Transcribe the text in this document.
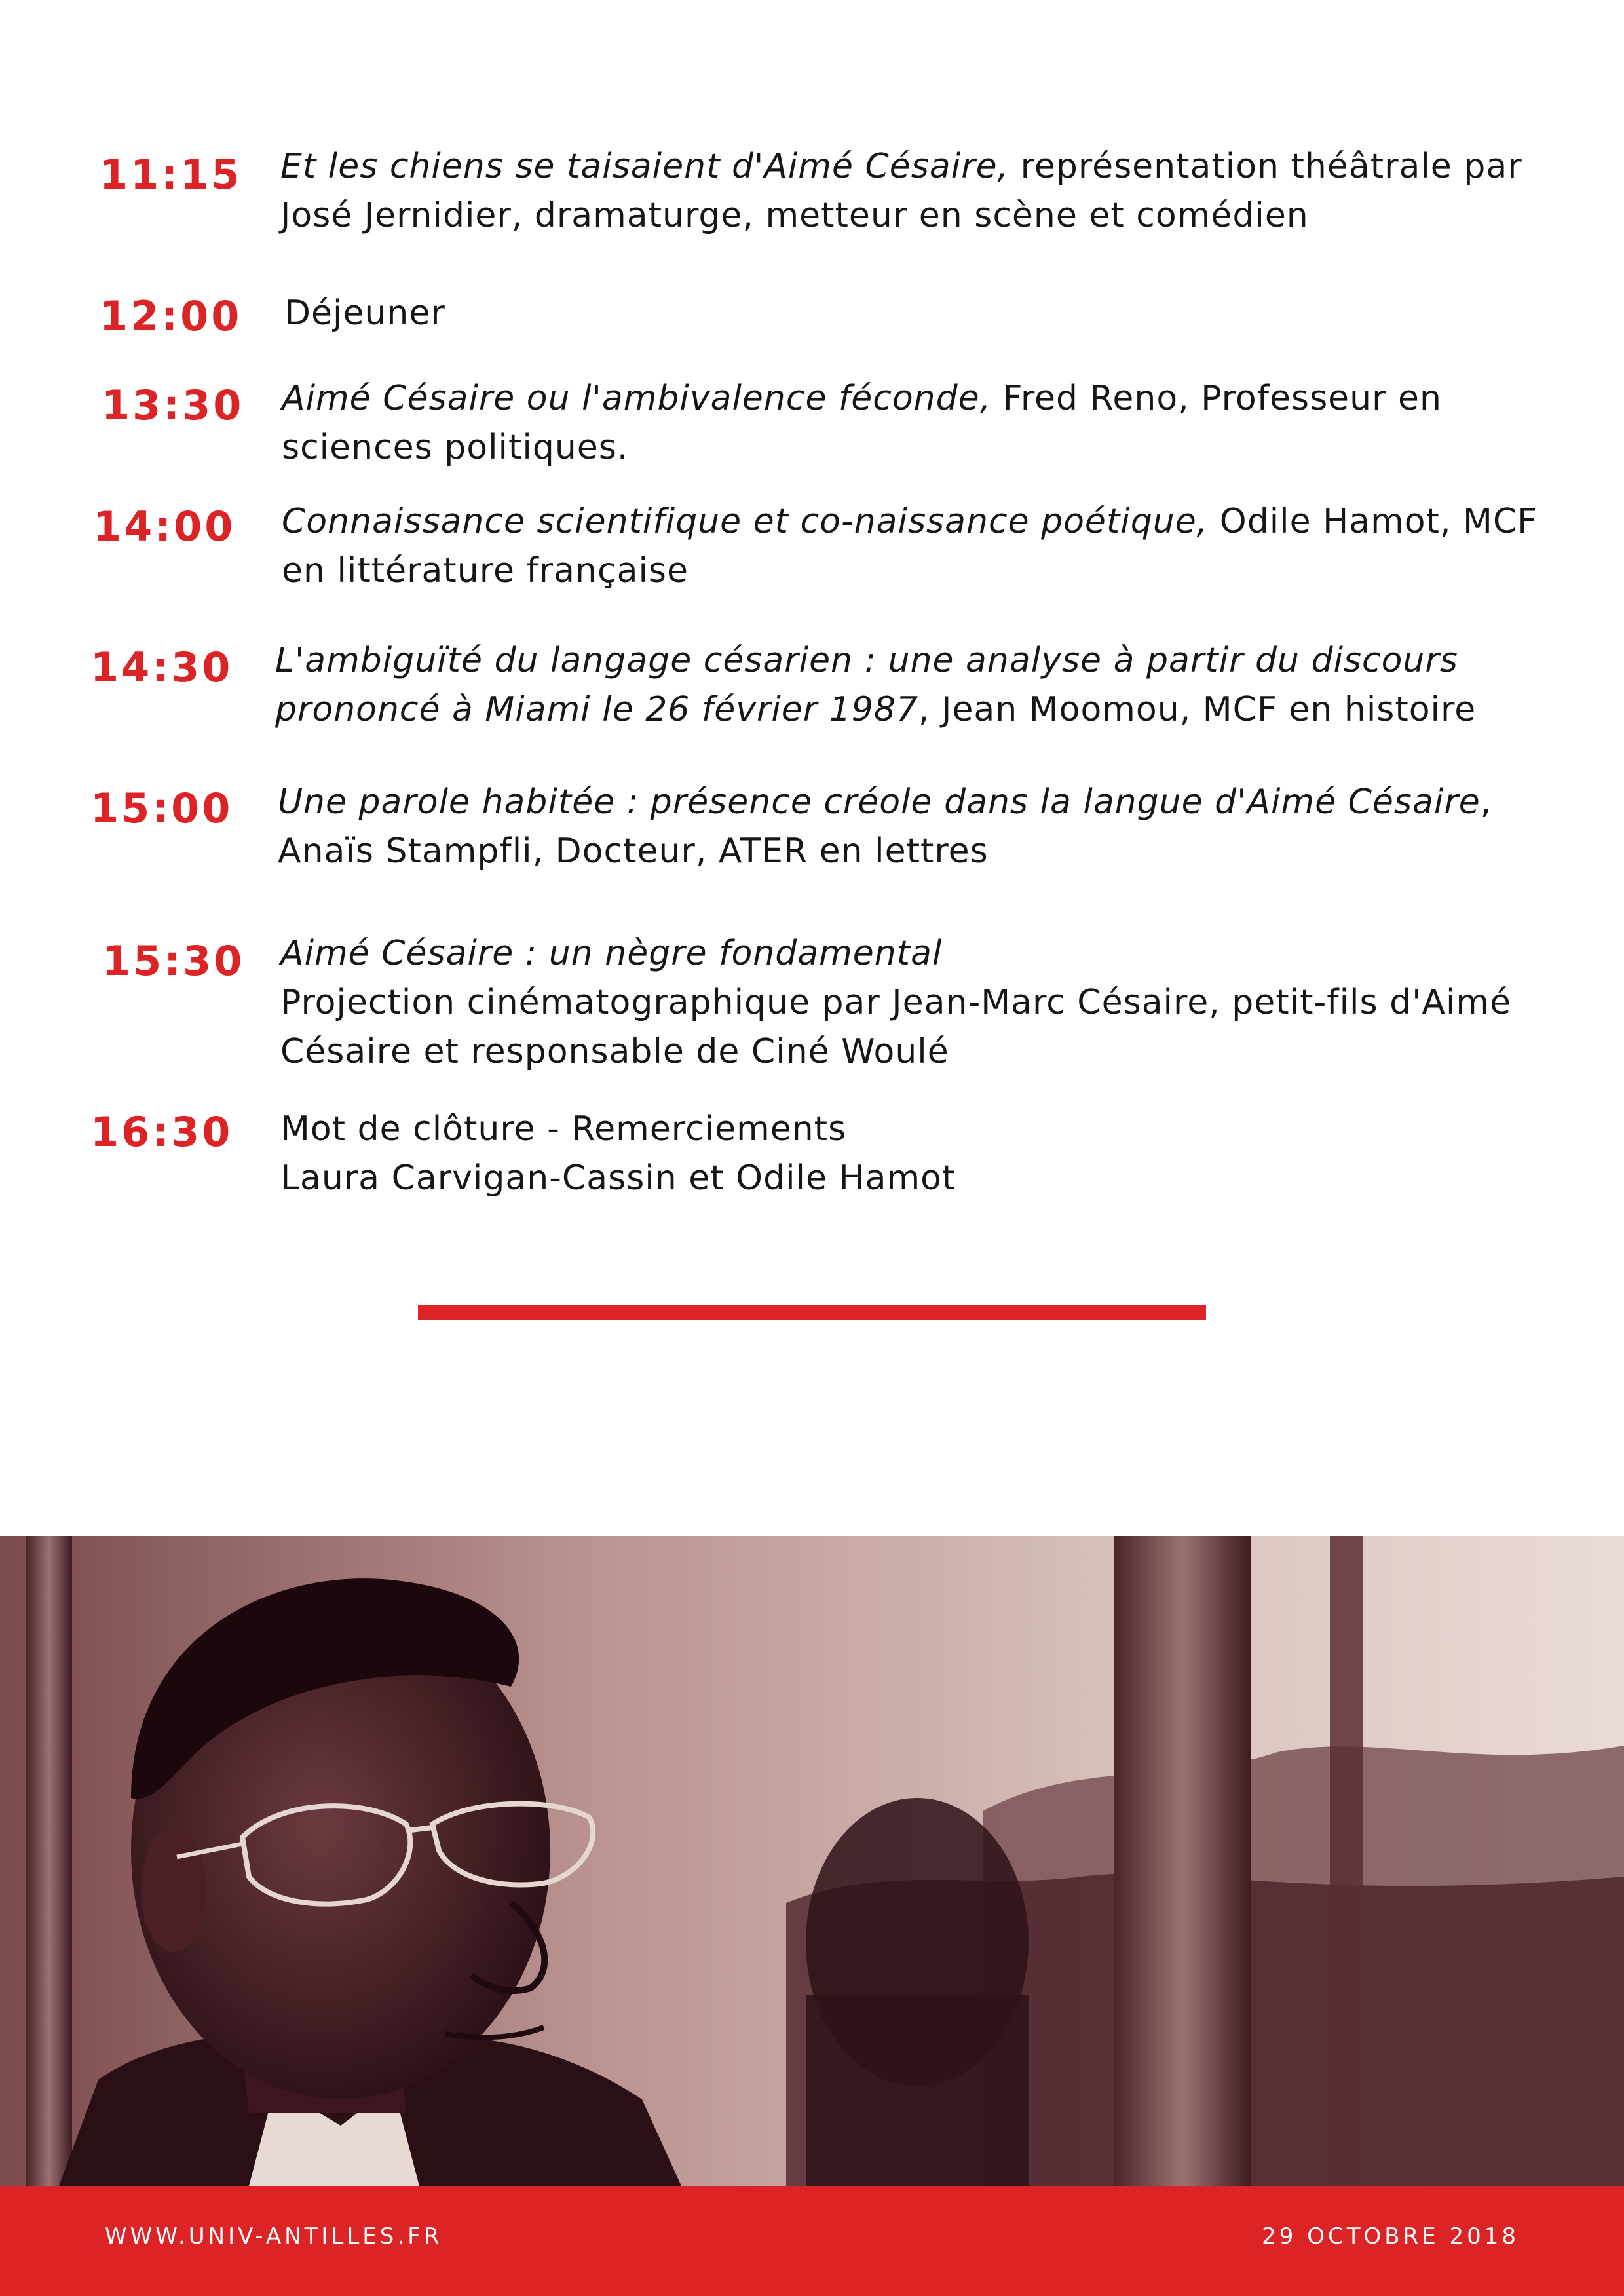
11:15
12:00
13:30
14:00
14:30
15:00
15:30
16:30
Et les chiens se taisaient d'Aimé Césaire, représentation théâtrale par
José Jernidier, dramaturge, metteur en scène et comédien
Déjeuner
Aimé Césaire ou l'ambivalence féconde, Fred Reno, Professeur en
sciences politiques.
Connaissance scientifique et co-naissance poétique, Odile Hamot, MCF
en littérature française
L'ambiguïté du langage césarien : une analyse à partir du discours
prononcé à Miami le 26 février 1987, Jean Moomou, MCF en histoire
Une parole habitée : présence créole dans la langue d'Aimé Césaire,
Anaïs Stampfli, Docteur, ATER en lettres
Aimé Césaire : un nègre fondamental
Projection cinématographique par Jean-Marc Césaire, petit-fils d'Aimé
Césaire et responsable de Ciné Woulé
Mot de clôture - Remerciements
Laura Carvigan-Cassin et Odile Hamot
WWW.UNIV-ANTILLES.FR	29 OCTOBRE 2018
